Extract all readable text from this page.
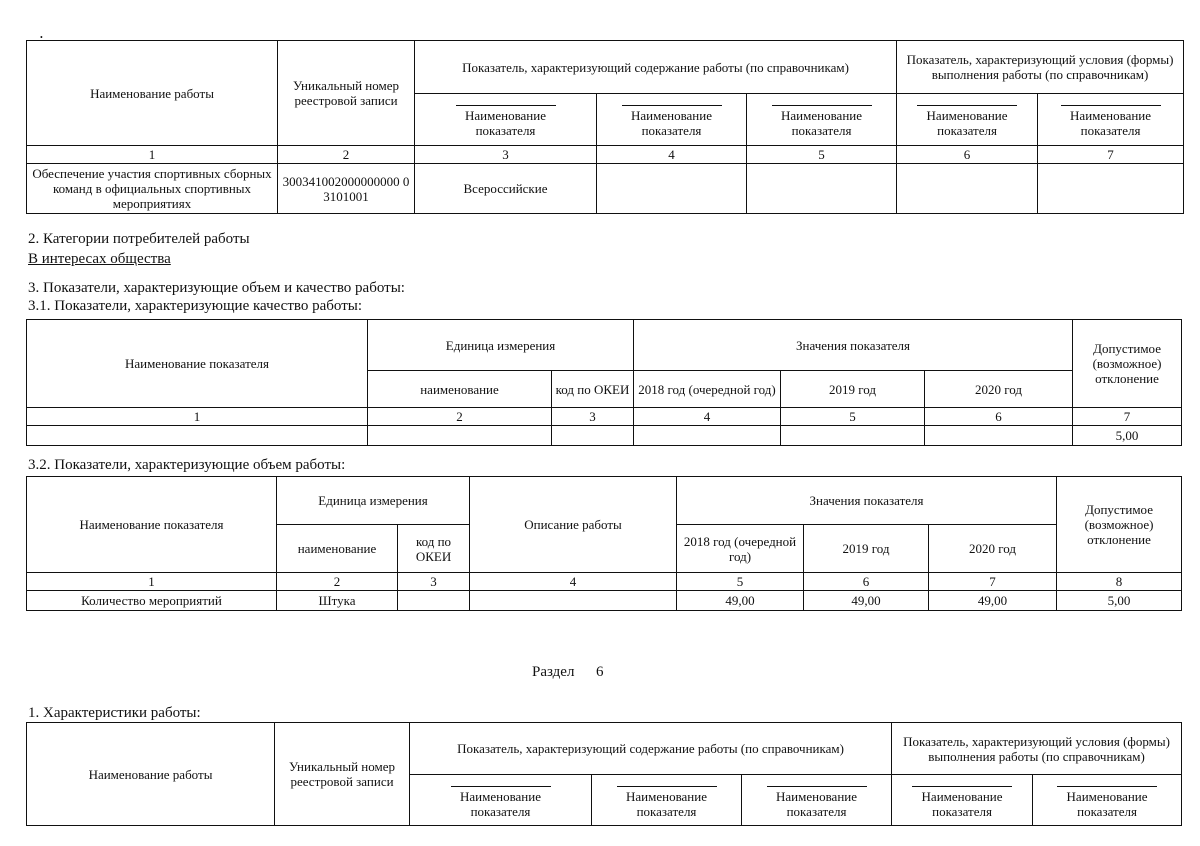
•
Наименование работы	Уникальный номер реестровой записи	Показатель, характеризующий содержание работы (по справочникам)			Показатель, характеризующий условия (формы) выполнения работы (по справочникам)	
		Наименование показателя	Наименование показателя	Наименование показателя	Наименование показателя	Наименование показателя
1	2	3	4	5	6	7
Обеспечение участия спортивных сборных команд в официальных спортивных мероприятиях	300341002000000000 03101001	Всероссийские				
2. Категории потребителей работы
В интересах общества
3. Показатели, характеризующие объем и качество работы:
3.1. Показатели, характеризующие качество работы:
Наименование показателя	Единица измерения		Значения показателя			Допустимое (возможное) отклонение
	наименование	код по ОКЕИ	2018 год (очередной год)	2019 год	2020 год	
1	2	3	4	5	6	7
						5,00
3.2. Показатели, характеризующие объем работы:
Наименование показателя	Единица измерения		Описание работы	Значения показателя			Допустимое (возможное) отклонение
	наименование	код по ОКЕИ		2018 год (очередной год)	2019 год	2020 год	
1	2	3	4	5	6	7	8
Количество мероприятий	Штука			49,00	49,00	49,00	5,00
Раздел 6
1. Характеристики работы:
Наименование работы	Уникальный номер реестровой записи	Показатель, характеризующий содержание работы (по справочникам)			Показатель, характеризующий условия (формы) выполнения работы (по справочникам)	
		Наименование показателя	Наименование показателя	Наименование показателя	Наименование показателя	Наименование показателя
